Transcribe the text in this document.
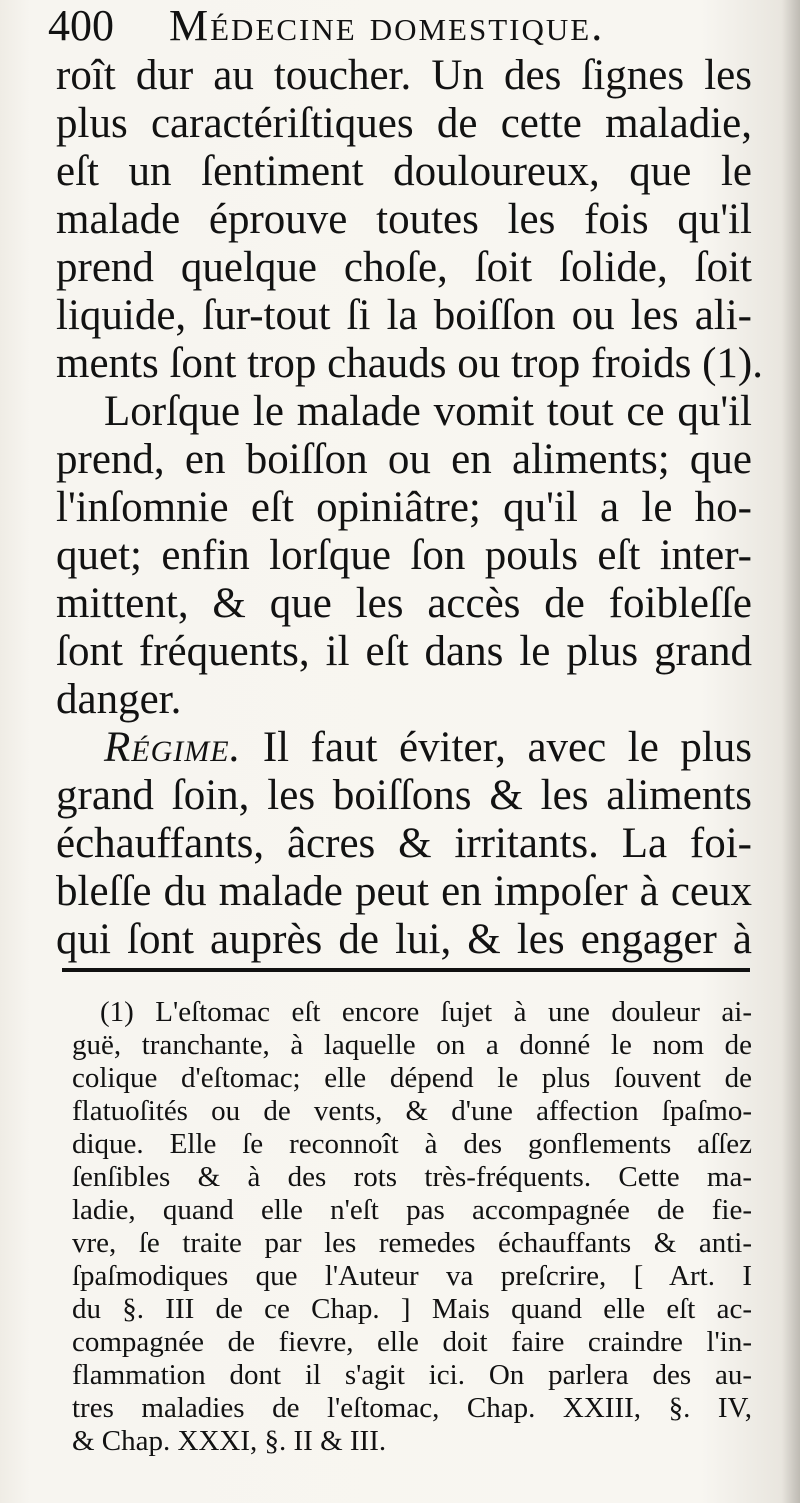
400 Médecine domestique.
roît dur au toucher. Un des ſignes les
plus caractériſtiques de cette maladie,
eſt un ſentiment douloureux, que le
malade éprouve toutes les fois qu'il
prend quelque choſe, ſoit ſolide, ſoit
liquide, ſur-tout ſi la boiſſon ou les ali-
ments ſont trop chauds ou trop froids (1).
Lorſque le malade vomit tout ce qu'il
prend, en boiſſon ou en aliments; que
l'inſomnie eſt opiniâtre; qu'il a le ho-
quet; enfin lorſque ſon pouls eſt inter-
mittent, & que les accès de foibleſſe
ſont fréquents, il eſt dans le plus grand
danger.
Régime. Il faut éviter, avec le plus
grand ſoin, les boiſſons & les aliments
échauffants, âcres & irritants. La foi-
bleſſe du malade peut en impoſer à ceux
(1) L'eſtomac eſt encore ſujet à une douleur ai-
guë, tranchante, à laquelle on a donné le nom de
colique d'eſtomac; elle dépend le plus ſouvent de
flatuoſités ou de vents, & d'une affection ſpaſmo-
dique. Elle ſe reconnoît à des gonflements aſſez
ſenſibles & à des rots très-fréquents. Cette ma-
ladie, quand elle n'eſt pas accompagnée de fie-
vre, ſe traite par les remedes échauffants & anti-
ſpaſmodiques que l'Auteur va preſcrire, [ Art. I
du §. III de ce Chap. ] Mais quand elle eſt ac-
compagnée de fievre, elle doit faire craindre l'in-
flammation dont il s'agit ici. On parlera des au-
tres maladies de l'eſtomac, Chap. XXIII, §. IV,
& Chap. XXXI, §. II & III.
qui ſont auprès de lui, & les engager à
